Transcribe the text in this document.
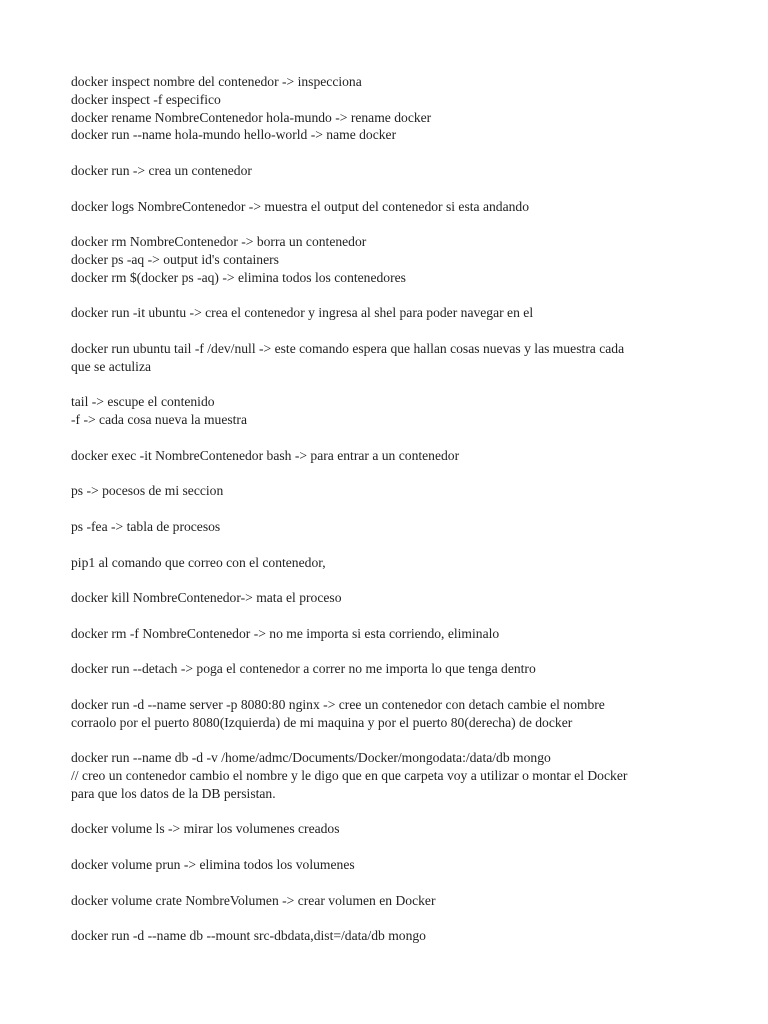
docker inspect nombre del contenedor -> inspecciona
docker inspect -f especifico
docker rename NombreContenedor hola-mundo -> rename docker
docker run --name hola-mundo hello-world -> name docker
docker run -> crea un contenedor
docker logs NombreContenedor -> muestra el output del contenedor si esta andando
docker rm NombreContenedor -> borra un contenedor
docker ps -aq -> output id's containers
docker rm $(docker ps -aq) -> elimina todos los contenedores
docker run -it ubuntu -> crea el contenedor y ingresa al shel para poder navegar en el
docker run ubuntu tail -f /dev/null -> este comando espera que hallan cosas nuevas y las muestra cada
que se actuliza
tail -> escupe el contenido
-f -> cada cosa nueva la muestra
docker exec -it NombreContenedor bash -> para entrar a un contenedor
ps -> pocesos de mi seccion
ps -fea -> tabla de procesos
pip1 al comando que correo con el contenedor,
docker kill NombreContenedor-> mata el proceso
docker rm -f NombreContenedor -> no me importa si esta corriendo, eliminalo
docker run --detach -> poga el contenedor a correr no me importa lo que tenga dentro
docker run -d --name server -p 8080:80 nginx -> cree un contenedor con detach cambie el nombre
corraolo por el puerto 8080(Izquierda) de mi maquina y por el puerto 80(derecha) de docker
docker run --name db -d -v /home/admc/Documents/Docker/mongodata:/data/db mongo
// creo un contenedor cambio el nombre y le digo que en que carpeta voy a utilizar o montar el Docker
para que los datos de la DB persistan.
docker volume ls -> mirar los volumenes creados
docker volume prun -> elimina todos los volumenes
docker volume crate NombreVolumen -> crear volumen en Docker
docker run -d --name db --mount src-dbdata,dist=/data/db mongo
